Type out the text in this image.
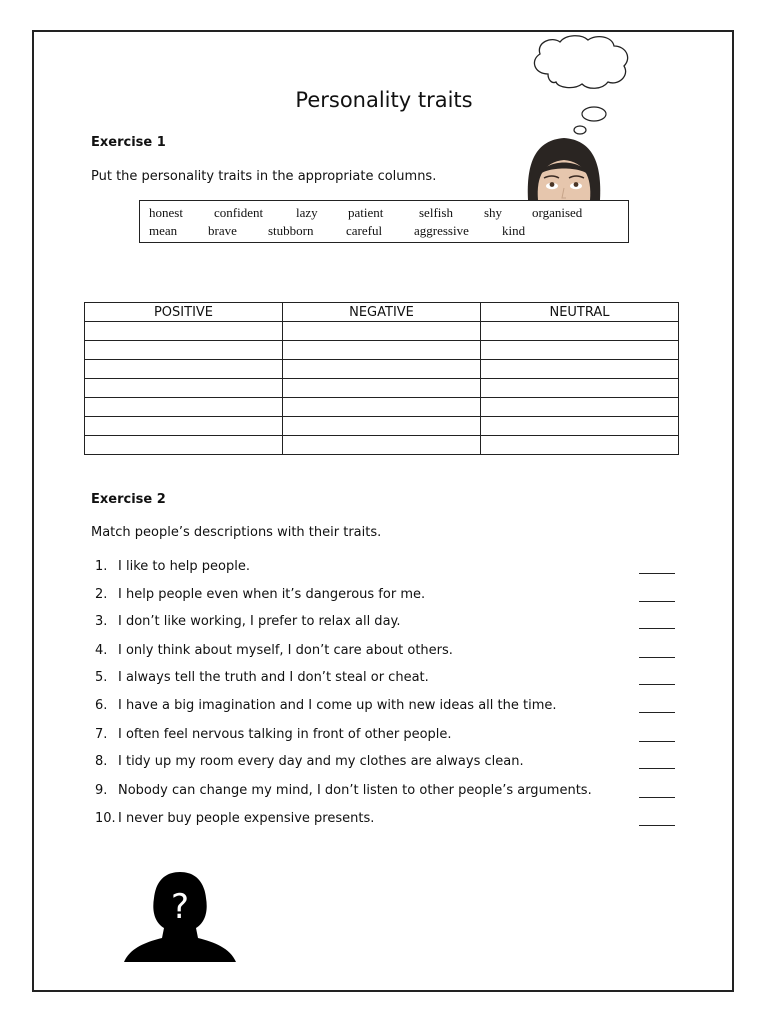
Personality traits
Exercise 1
Put the personality traits in the appropriate columns.
honest confident	lazy patient	selfish shy organised
mean brave stubborn	careful aggressive	kind
POSITIVE	NEGATIVE	NEUTRAL

Exercise 2
Match people’s descriptions with their traits.
1. I like to help people.
2. I help people even when it’s dangerous for me.
3. I don’t like working, I prefer to relax all day.
4. I only think about myself, I don’t care about others.
5. I always tell the truth and I don’t steal or cheat.
6. I have a big imagination and I come up with new ideas all the time.
7. I often feel nervous talking in front of other people.
8. I tidy up my room every day and my clothes are always clean.
9. Nobody can change my mind, I don’t listen to other people’s arguments.
10. I never buy people expensive presents.
?
